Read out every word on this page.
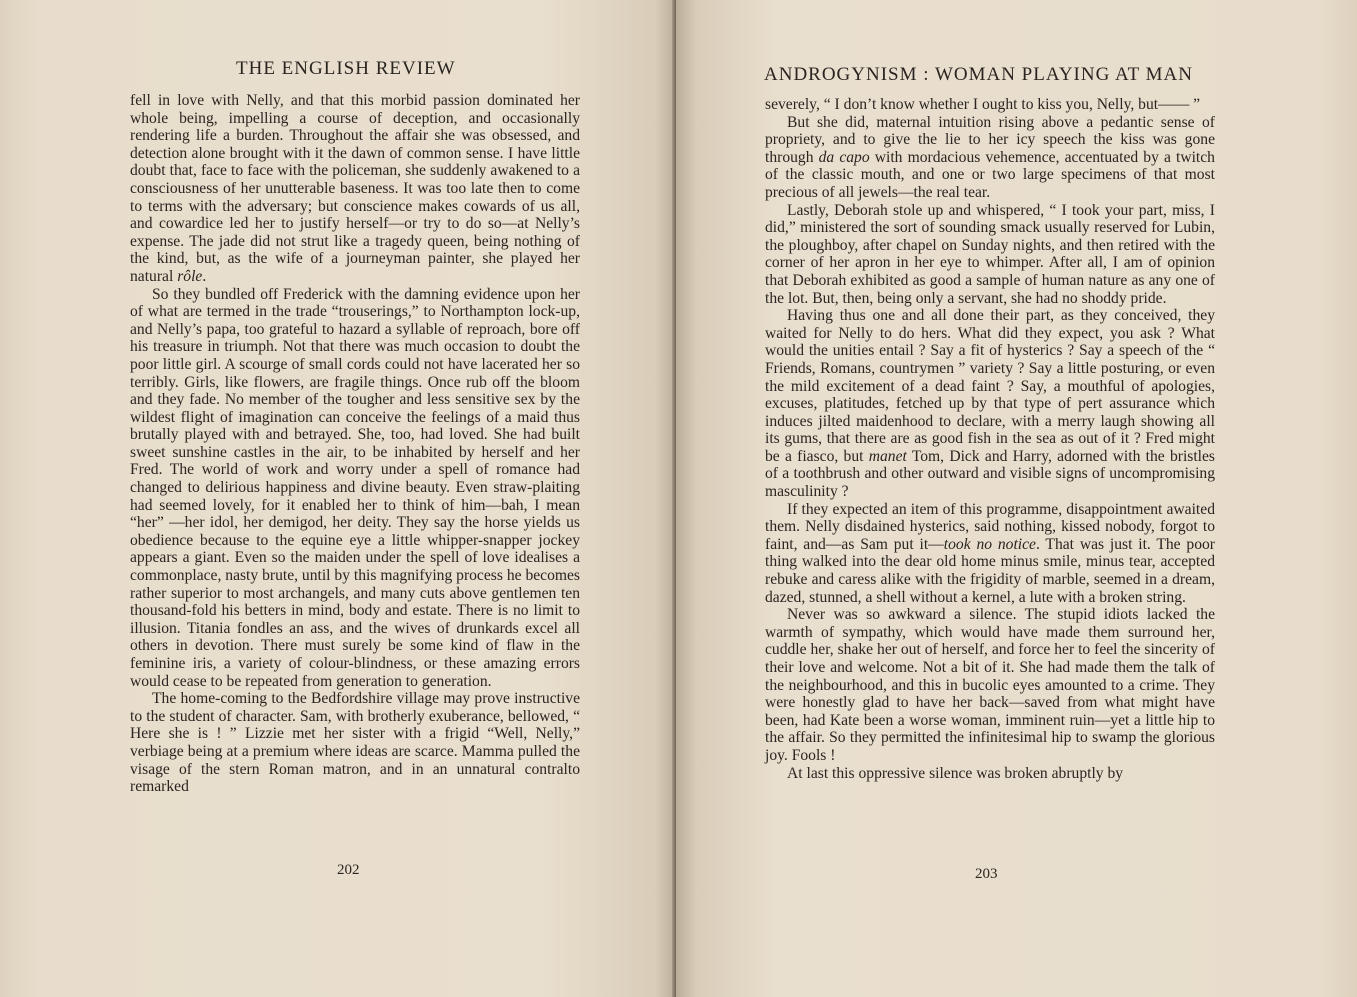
THE ENGLISH REVIEW

fell in love with Nelly, and that this morbid passion dominated her whole being, impelling a course of deception, and occasionally rendering life a burden. Throughout the affair she was obsessed, and detection alone brought with it the dawn of common sense. I have little doubt that, face to face with the policeman, she suddenly awakened to a consciousness of her unutterable baseness. It was too late then to come to terms with the adversary; but conscience makes cowards of us all, and cowardice led her to justify herself—or try to do so—at Nelly’s expense. The jade did not strut like a tragedy queen, being nothing of the kind, but, as the wife of a journeyman painter, she played her natural rôle.

So they bundled off Frederick with the damning evidence upon her of what are termed in the trade “trouserings,” to Northampton lock-up, and Nelly’s papa, too grateful to hazard a syllable of reproach, bore off his treasure in triumph. Not that there was much occasion to doubt the poor little girl. A scourge of small cords could not have lacerated her so terribly. Girls, like flowers, are fragile things. Once rub off the bloom and they fade. No member of the tougher and less sensitive sex by the wildest flight of imagination can conceive the feelings of a maid thus brutally played with and betrayed. She, too, had loved. She had built sweet sunshine castles in the air, to be inhabited by herself and her Fred. The world of work and worry under a spell of romance had changed to delirious happiness and divine beauty. Even straw-plaiting had seemed lovely, for it enabled her to think of him—bah, I mean “her” —her idol, her demigod, her deity. They say the horse yields us obedience because to the equine eye a little whipper-snapper jockey appears a giant. Even so the maiden under the spell of love idealises a commonplace, nasty brute, until by this magnifying process he becomes rather superior to most archangels, and many cuts above gentlemen ten thousand-fold his betters in mind, body and estate. There is no limit to illusion. Titania fondles an ass, and the wives of drunkards excel all others in devotion. There must surely be some kind of flaw in the feminine iris, a variety of colour-blindness, or these amazing errors would cease to be repeated from generation to generation.

The home-coming to the Bedfordshire village may prove instructive to the student of character. Sam, with brotherly exuberance, bellowed, “ Here she is ! ” Lizzie met her sister with a frigid “Well, Nelly,” verbiage being at a premium where ideas are scarce. Mamma pulled the visage of the stern Roman matron, and in an unnatural contralto remarked

202
ANDROGYNISM : WOMAN PLAYING AT MAN

severely, “ I don’t know whether I ought to kiss you, Nelly, but—— ”

But she did, maternal intuition rising above a pedantic sense of propriety, and to give the lie to her icy speech the kiss was gone through da capo with mordacious vehemence, accentuated by a twitch of the classic mouth, and one or two large specimens of that most precious of all jewels—the real tear.

Lastly, Deborah stole up and whispered, “ I took your part, miss, I did,” ministered the sort of sounding smack usually reserved for Lubin, the ploughboy, after chapel on Sunday nights, and then retired with the corner of her apron in her eye to whimper. After all, I am of opinion that Deborah exhibited as good a sample of human nature as any one of the lot. But, then, being only a servant, she had no shoddy pride.

Having thus one and all done their part, as they conceived, they waited for Nelly to do hers. What did they expect, you ask ? What would the unities entail ? Say a fit of hysterics ? Say a speech of the “ Friends, Romans, countrymen ” variety ? Say a little posturing, or even the mild excitement of a dead faint ? Say, a mouthful of apologies, excuses, platitudes, fetched up by that type of pert assurance which induces jilted maidenhood to declare, with a merry laugh showing all its gums, that there are as good fish in the sea as out of it ? Fred might be a fiasco, but manet Tom, Dick and Harry, adorned with the bristles of a toothbrush and other outward and visible signs of uncompromising masculinity ?

If they expected an item of this programme, disappointment awaited them. Nelly disdained hysterics, said nothing, kissed nobody, forgot to faint, and—as Sam put it—took no notice. That was just it. The poor thing walked into the dear old home minus smile, minus tear, accepted rebuke and caress alike with the frigidity of marble, seemed in a dream, dazed, stunned, a shell without a kernel, a lute with a broken string.

Never was so awkward a silence. The stupid idiots lacked the warmth of sympathy, which would have made them surround her, cuddle her, shake her out of herself, and force her to feel the sincerity of their love and welcome. Not a bit of it. She had made them the talk of the neighbourhood, and this in bucolic eyes amounted to a crime. They were honestly glad to have her back—saved from what might have been, had Kate been a worse woman, imminent ruin—yet a little hip to the affair. So they permitted the infinitesimal hip to swamp the glorious joy. Fools !

At last this oppressive silence was broken abruptly by

203
